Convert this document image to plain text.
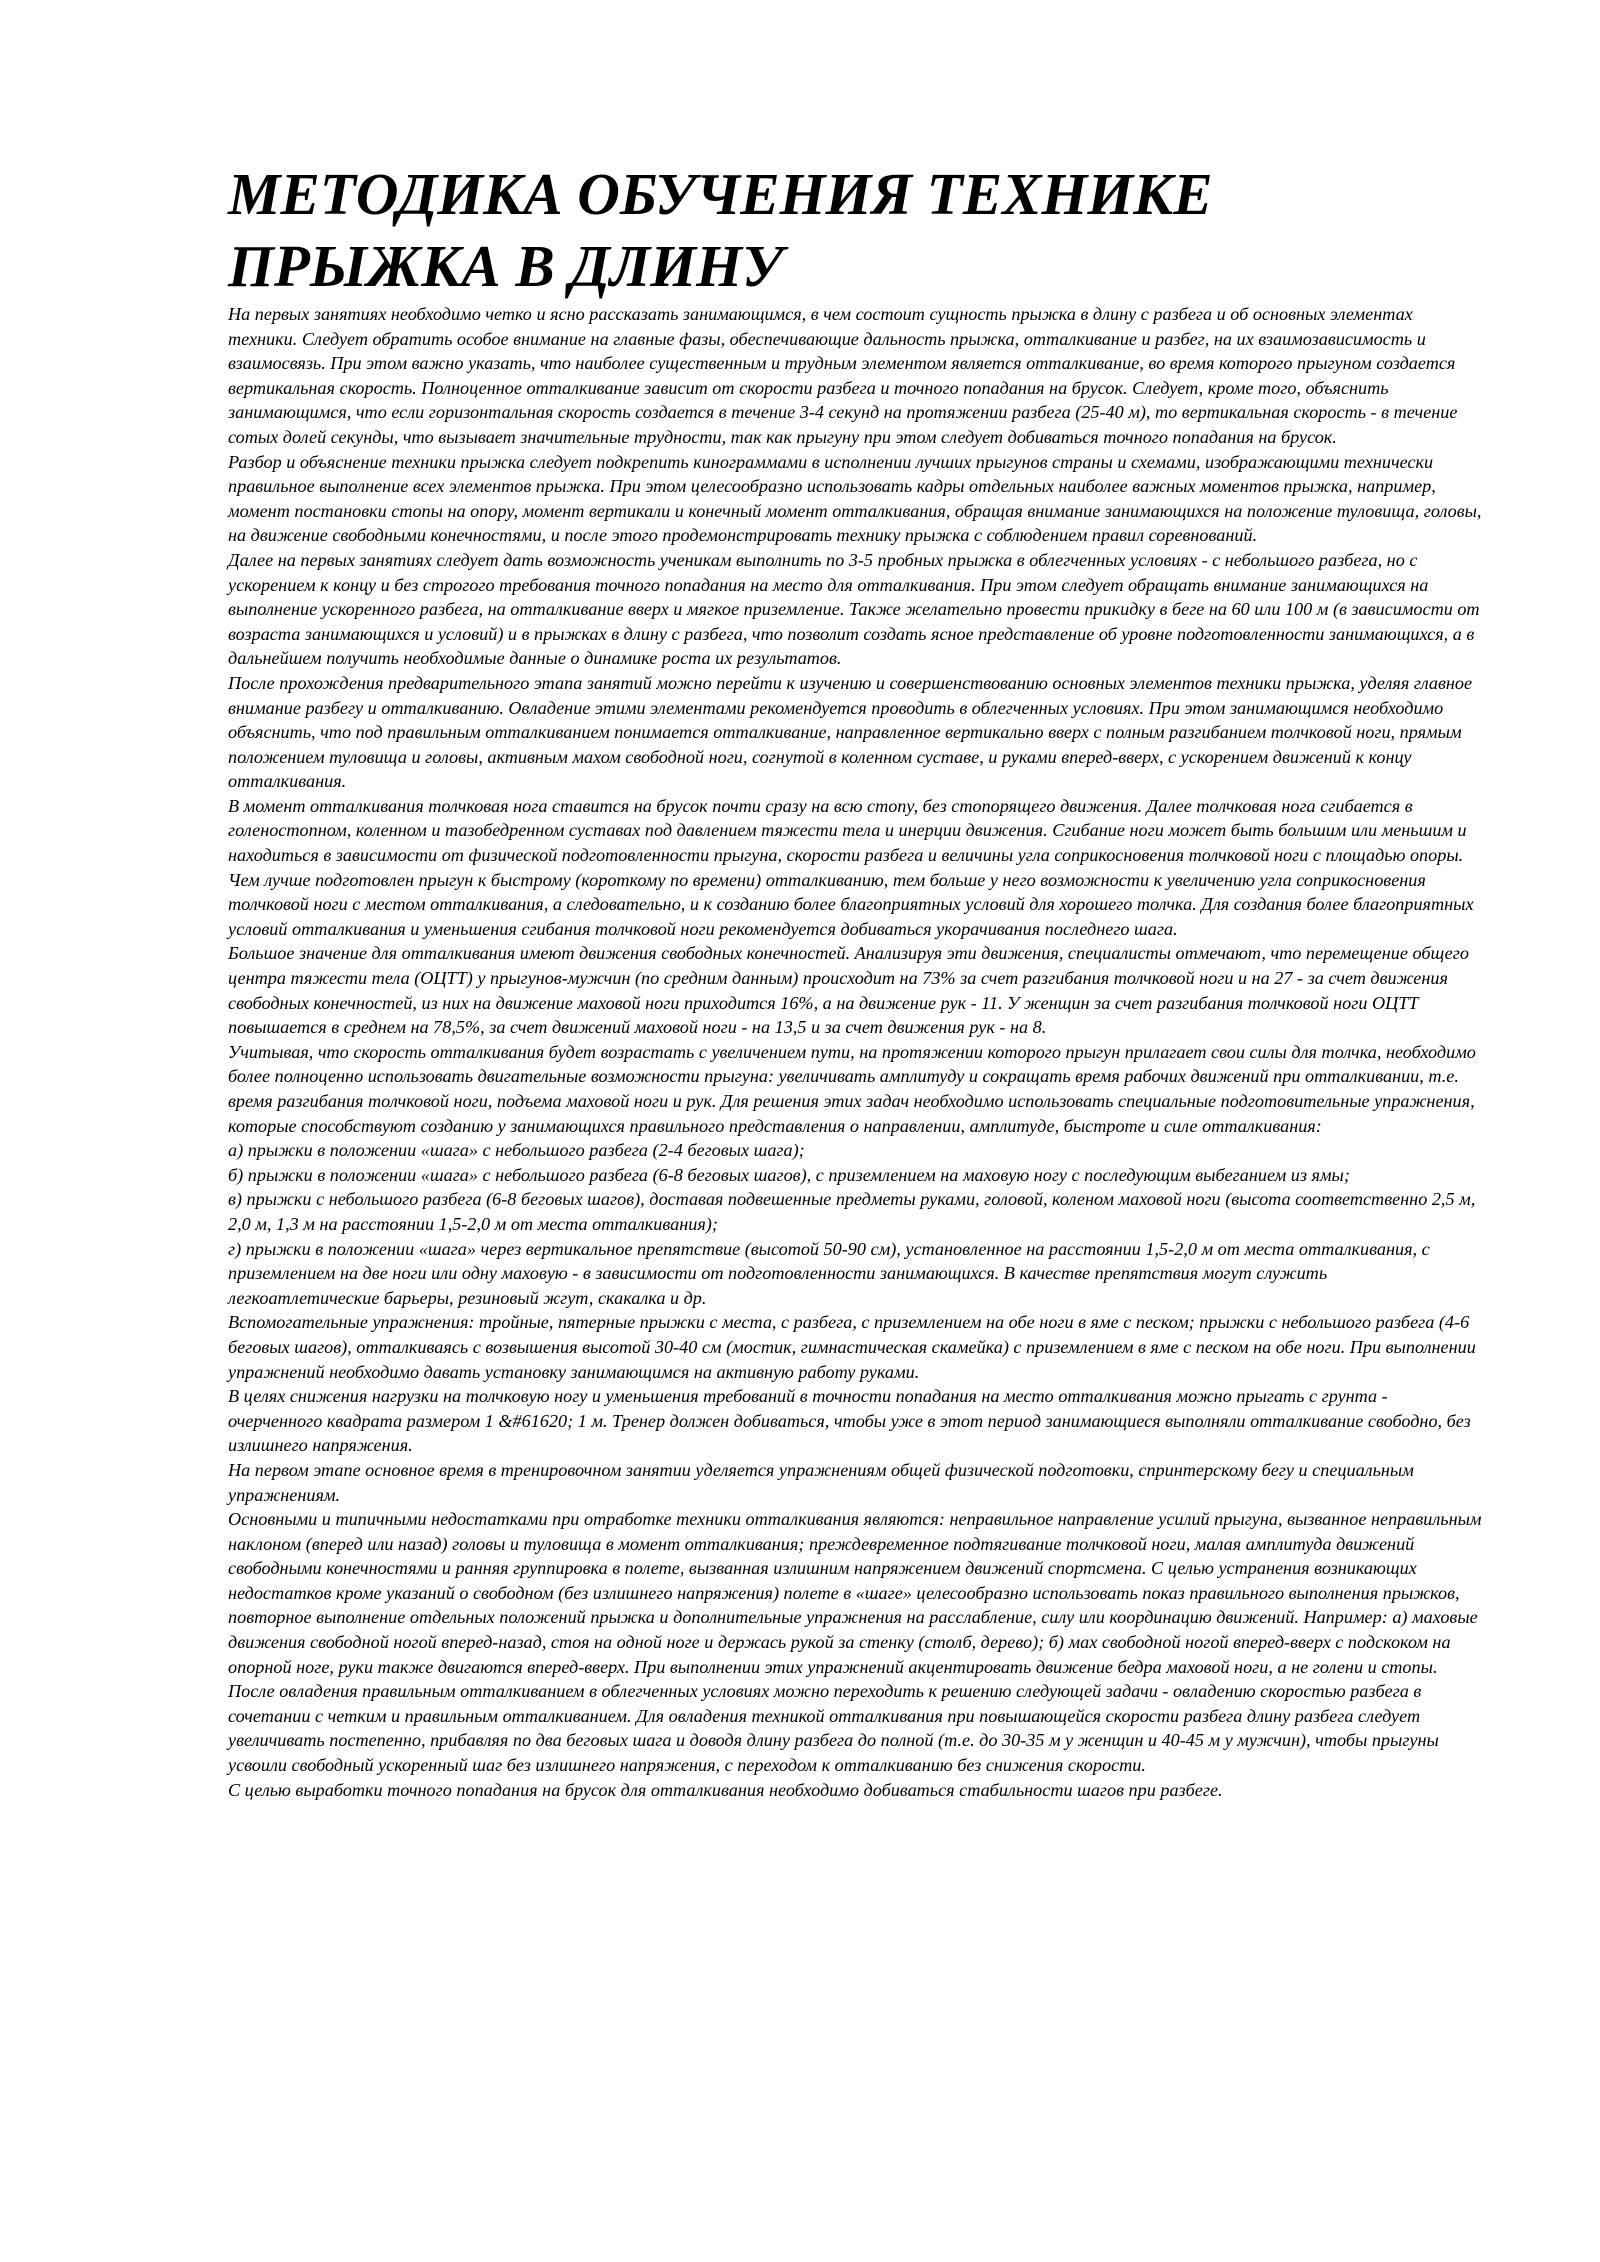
МЕТОДИКА ОБУЧЕНИЯ ТЕХНИКЕ
ПРЫЖКА В ДЛИНУ

На первых занятиях необходимо четко и ясно рассказать занимающимся, в чем состоит сущность прыжка в длину с разбега и об основных элементах техники. Следует обратить особое внимание на главные фазы, обеспечивающие дальность прыжка, отталкивание и разбег, на их взаимозависимость и взаимосвязь. При этом важно указать, что наиболее существенным и трудным элементом является отталкивание, во время которого прыгуном создается вертикальная скорость. Полноценное отталкивание зависит от скорости разбега и точного попадания на брусок. Следует, кроме того, объяснить занимающимся, что если горизонтальная скорость создается в течение 3-4 секунд на протяжении разбега (25-40 м), то вертикальная скорость - в течение сотых долей секунды, что вызывает значительные трудности, так как прыгуну при этом следует добиваться точного попадания на брусок.

Разбор и объяснение техники прыжка следует подкрепить кинограммами в исполнении лучших прыгунов страны и схемами, изображающими технически правильное выполнение всех элементов прыжка. При этом целесообразно использовать кадры отдельных наиболее важных моментов прыжка, например, момент постановки стопы на опору, момент вертикали и конечный момент отталкивания, обращая внимание занимающихся на положение туловища, головы, на движение свободными конечностями, и после этого продемонстрировать технику прыжка с соблюдением правил соревнований.

Далее на первых занятиях следует дать возможность ученикам выполнить по 3-5 пробных прыжка в облегченных условиях - с небольшого разбега, но с ускорением к концу и без строгого требования точного попадания на место для отталкивания. При этом следует обращать внимание занимающихся на выполнение ускоренного разбега, на отталкивание вверх и мягкое приземление. Также желательно провести прикидку в беге на 60 или 100 м (в зависимости от возраста занимающихся и условий) и в прыжках в длину с разбега, что позволит создать ясное представление об уровне подготовленности занимающихся, а в дальнейшем получить необходимые данные о динамике роста их результатов.

После прохождения предварительного этапа занятий можно перейти к изучению и совершенствованию основных элементов техники прыжка, уделяя главное внимание разбегу и отталкиванию. Овладение этими элементами рекомендуется проводить в облегченных условиях. При этом занимающимся необходимо объяснить, что под правильным отталкиванием понимается отталкивание, направленное вертикально вверх с полным разгибанием толчковой ноги, прямым положением туловища и головы, активным махом свободной ноги, согнутой в коленном суставе, и руками вперед-вверх, с ускорением движений к концу отталкивания.

В момент отталкивания толчковая нога ставится на брусок почти сразу на всю стопу, без стопорящего движения. Далее толчковая нога сгибается в голеностопном, коленном и тазобедренном суставах под давлением тяжести тела и инерции движения. Сгибание ноги может быть большим или меньшим и находиться в зависимости от физической подготовленности прыгуна, скорости разбега и величины угла соприкосновения толчковой ноги с площадью опоры. Чем лучше подготовлен прыгун к быстрому (короткому по времени) отталкиванию, тем больше у него возможности к увеличению угла соприкосновения толчковой ноги с местом отталкивания, а следовательно, и к созданию более благоприятных условий для хорошего толчка. Для создания более благоприятных условий отталкивания и уменьшения сгибания толчковой ноги рекомендуется добиваться укорачивания последнего шага.

Большое значение для отталкивания имеют движения свободных конечностей. Анализируя эти движения, специалисты отмечают, что перемещение общего центра тяжести тела (ОЦТТ) у прыгунов-мужчин (по средним данным) происходит на 73% за счет разгибания толчковой ноги и на 27 - за счет движения свободных конечностей, из них на движение маховой ноги приходится 16%, а на движение рук - 11. У женщин за счет разгибания толчковой ноги ОЦТТ повышается в среднем на 78,5%, за счет движений маховой ноги - на 13,5 и за счет движения рук - на 8.

Учитывая, что скорость отталкивания будет возрастать с увеличением пути, на протяжении которого прыгун прилагает свои силы для толчка, необходимо более полноценно использовать двигательные возможности прыгуна: увеличивать амплитуду и сокращать время рабочих движений при отталкивании, т.е. время разгибания толчковой ноги, подъема маховой ноги и рук. Для решения этих задач необходимо использовать специальные подготовительные упражнения, которые способствуют созданию у занимающихся правильного представления о направлении, амплитуде, быстроте и силе отталкивания:

а) прыжки в положении «шага» с небольшого разбега (2-4 беговых шага);

б) прыжки в положении «шага» с небольшого разбега (6-8 беговых шагов), с приземлением на маховую ногу с последующим выбеганием из ямы;

в) прыжки с небольшого разбега (6-8 беговых шагов), доставая подвешенные предметы руками, головой, коленом маховой ноги (высота соответственно 2,5 м, 2,0 м, 1,3 м на расстоянии 1,5-2,0 м от места отталкивания);

г) прыжки в положении «шага» через вертикальное препятствие (высотой 50-90 см), установленное на расстоянии 1,5-2,0 м от места отталкивания, с приземлением на две ноги или одну маховую - в зависимости от подготовленности занимающихся. В качестве препятствия могут служить легкоатлетические барьеры, резиновый жгут, скакалка и др.

Вспомогательные упражнения: тройные, пятерные прыжки с места, с разбега, с приземлением на обе ноги в яме с песком; прыжки с небольшого разбега (4-6 беговых шагов), отталкиваясь с возвышения высотой 30-40 см (мостик, гимнастическая скамейка) с приземлением в яме с песком на обе ноги. При выполнении упражнений необходимо давать установку занимающимся на активную работу руками.

В целях снижения нагрузки на толчковую ногу и уменьшения требований в точности попадания на место отталкивания можно прыгать с грунта - очерченного квадрата размером 1 &#61620; 1 м. Тренер должен добиваться, чтобы уже в этот период занимающиеся выполняли отталкивание свободно, без излишнего напряжения.

На первом этапе основное время в тренировочном занятии уделяется упражнениям общей физической подготовки, спринтерскому бегу и специальным упражнениям.

Основными и типичными недостатками при отработке техники отталкивания являются: неправильное направление усилий прыгуна, вызванное неправильным наклоном (вперед или назад) головы и туловища в момент отталкивания; преждевременное подтягивание толчковой ноги, малая амплитуда движений свободными конечностями и ранняя группировка в полете, вызванная излишним напряжением движений спортсмена. С целью устранения возникающих недостатков кроме указаний о свободном (без излишнего напряжения) полете в «шаге» целесообразно использовать показ правильного выполнения прыжков, повторное выполнение отдельных положений прыжка и дополнительные упражнения на расслабление, силу или координацию движений. Например: а) маховые движения свободной ногой вперед-назад, стоя на одной ноге и держась рукой за стенку (столб, дерево); б) мах свободной ногой вперед-вверх с подскоком на опорной ноге, руки также двигаются вперед-вверх. При выполнении этих упражнений акцентировать движение бедра маховой ноги, а не голени и стопы.

После овладения правильным отталкиванием в облегченных условиях можно переходить к решению следующей задачи - овладению скоростью разбега в сочетании с четким и правильным отталкиванием. Для овладения техникой отталкивания при повышающейся скорости разбега длину разбега следует увеличивать постепенно, прибавляя по два беговых шага и доводя длину разбега до полной (т.е. до 30-35 м у женщин и 40-45 м у мужчин), чтобы прыгуны усвоили свободный ускоренный шаг без излишнего напряжения, с переходом к отталкиванию без снижения скорости.

С целью выработки точного попадания на брусок для отталкивания необходимо добиваться стабильности шагов при разбеге.
